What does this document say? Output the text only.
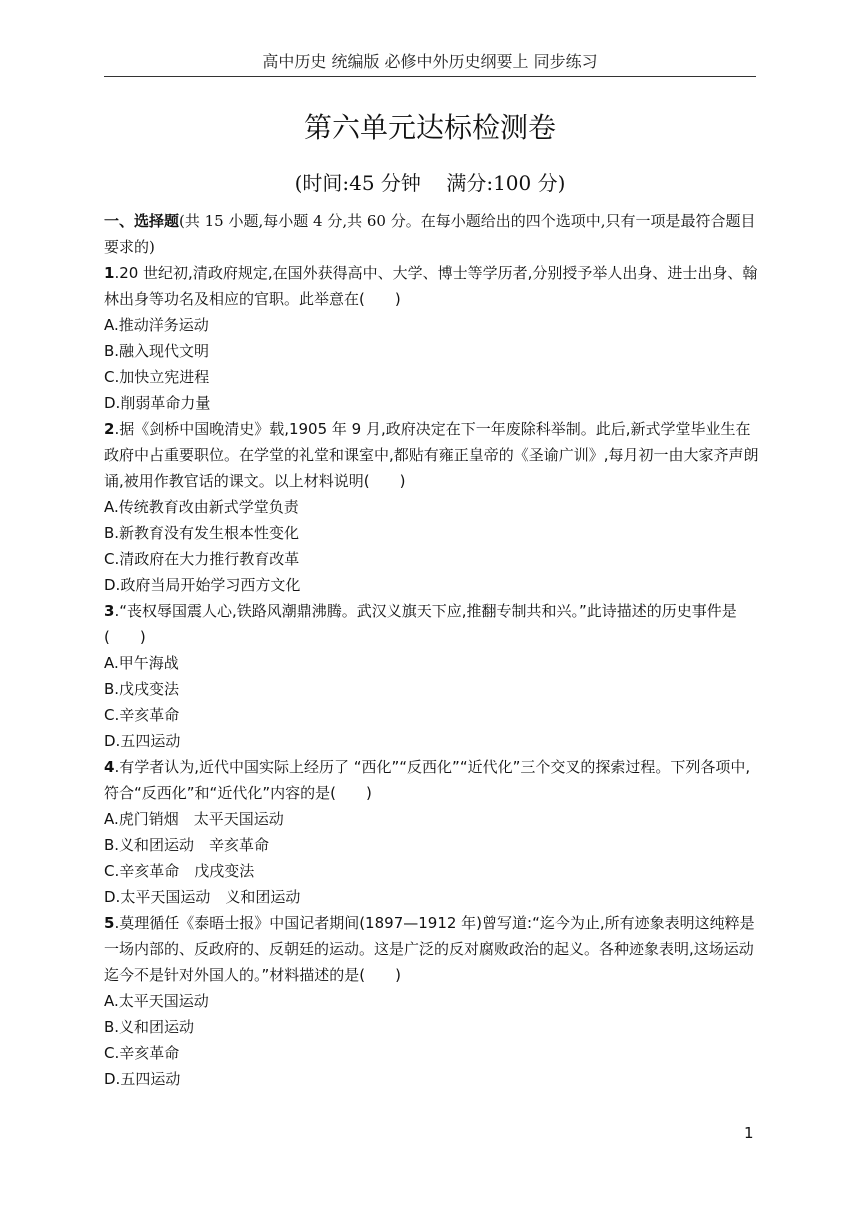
高中历史 统编版 必修中外历史纲要上 同步练习
第六单元达标检测卷
(时间:45 分钟    满分:100 分)

一、选择题(共 15 小题,每小题 4 分,共 60 分。在每小题给出的四个选项中,只有一项是最符合题目要求的)

1.20 世纪初,清政府规定,在国外获得高中、大学、博士等学历者,分别授予举人出身、进士出身、翰林出身等功名及相应的官职。此举意在(　　)

A.推动洋务运动

B.融入现代文明

C.加快立宪进程

D.削弱革命力量

2.据《剑桥中国晚清史》载,1905 年 9 月,政府决定在下一年废除科举制。此后,新式学堂毕业生在政府中占重要职位。在学堂的礼堂和课室中,都贴有雍正皇帝的《圣谕广训》,每月初一由大家齐声朗诵,被用作教官话的课文。以上材料说明(　　)

A.传统教育改由新式学堂负责

B.新教育没有发生根本性变化

C.清政府在大力推行教育改革

D.政府当局开始学习西方文化

3.“丧权辱国震人心,铁路风潮鼎沸腾。武汉义旗天下应,推翻专制共和兴。”此诗描述的历史事件是(　　)

A.甲午海战

B.戊戌变法

C.辛亥革命

D.五四运动

4.有学者认为,近代中国实际上经历了 “西化”“反西化”“近代化”三个交叉的探索过程。下列各项中,符合“反西化”和“近代化”内容的是(　　)

A.虎门销烟　太平天国运动

B.义和团运动　辛亥革命

C.辛亥革命　戊戌变法

D.太平天国运动　义和团运动

5.莫理循任《泰晤士报》中国记者期间(1897—1912 年)曾写道:“迄今为止,所有迹象表明这纯粹是一场内部的、反政府的、反朝廷的运动。这是广泛的反对腐败政治的起义。各种迹象表明,这场运动迄今不是针对外国人的。”材料描述的是(　　)

A.太平天国运动

B.义和团运动

C.辛亥革命

D.五四运动

1
